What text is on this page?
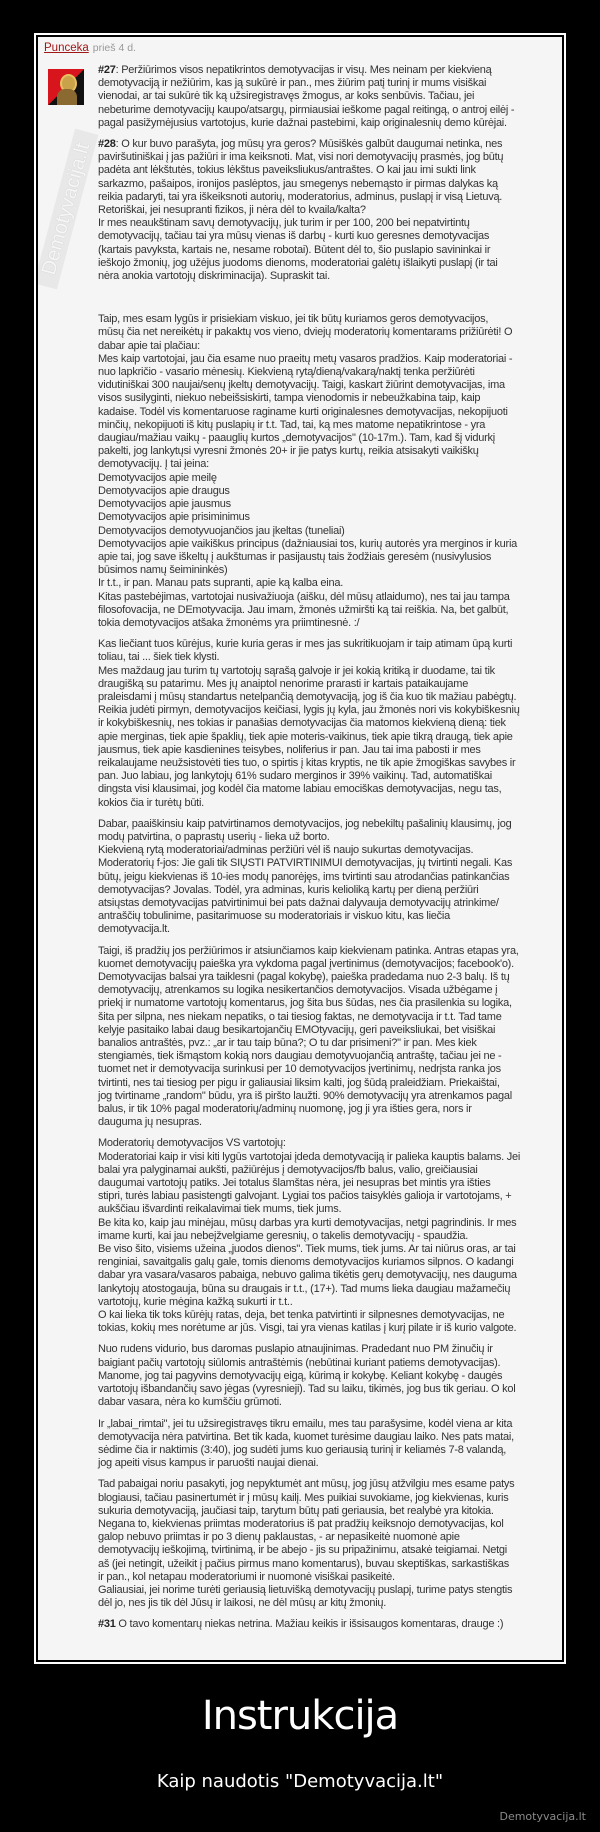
Punceka prieš 4 d.
Demotyvacija.lt
#27: Peržiūrimos visos nepatikrintos demotyvacijas ir visų. Mes neinam per kiekvieną
demotyvaciją ir nežiūrim, kas ją sukūrė ir pan., mes žiūrim patį turinį ir mums visiškai
vienodai, ar tai sukūrė tik ką užsiregistravęs žmogus, ar koks senbūvis. Tačiau, jei
nebeturime demotyvacijų kaupo/atsargų, pirmiausiai ieškome pagal reitingą, o antroj eilėj -
pagal pasižymėjusius vartotojus, kurie dažnai pastebimi, kaip originalesnių demo kūrėjai.
#28: O kur buvo parašyta, jog mūsų yra geros? Mūsiškės galbūt daugumai netinka, nes
paviršutiniškai į jas pažiūri ir ima keiksnoti. Mat, visi nori demotyvacijų prasmės, jog būtų
padėta ant lėkštutės, tokius lėkštus paveiksliukus/antraštes. O kai jau imi sukti link
sarkazmo, pašaipos, ironijos paslėptos, jau smegenys nebemąsto ir pirmas dalykas ką
reikia padaryti, tai yra iškeiksnoti autorių, moderatorius, adminus, puslapį ir visą Lietuvą.
Retoriškai, jei nesupranti fizikos, ji nėra dėl to kvaila/kalta?
Ir mes neaukštinam savų demotyvacijų, juk turim ir per 100, 200 bei nepatvirtintų
demotyvacijų, tačiau tai yra mūsų vienas iš darbų - kurti kuo geresnes demotyvacijas
(kartais pavyksta, kartais ne, nesame robotai). Būtent dėl to, šio puslapio savininkai ir
ieškojo žmonių, jog užėjus juodoms dienoms, moderatoriai galėtų išlaikyti puslapį (ir tai
nėra anokia vartotojų diskriminacija). Supraskit tai.
Taip, mes esam lygūs ir prisiekiam viskuo, jei tik būtų kuriamos geros demotyvacijos,
mūsų čia net nereikėtų ir pakaktų vos vieno, dviejų moderatorių komentarams prižiūrėti! O
dabar apie tai plačiau:
Mes kaip vartotojai, jau čia esame nuo praeitų metų vasaros pradžios. Kaip moderatoriai -
nuo lapkričio - vasario mėnesių. Kiekvieną rytą/dieną/vakarą/naktį tenka peržiūrėti
vidutiniškai 300 naujai/senų įkeltų demotyvacijų. Taigi, kaskart žiūrint demotyvacijas, ima
visos susilyginti, niekuo nebeišsiskirti, tampa vienodomis ir nebeužkabina taip, kaip
kadaise. Todėl vis komentaruose raginame kurti originalesnes demotyvacijas, nekopijuoti
minčių, nekopijuoti iš kitų puslapių ir t.t. Tad, tai, ką mes matome nepatikrintose - yra
daugiau/mažiau vaikų - paauglių kurtos „demotyvacijos" (10-17m.). Tam, kad šį vidurkį
pakelti, jog lankytųsi vyresni žmonės 20+ ir jie patys kurtų, reikia atsisakyti vaikiškų
demotyvacijų. Į tai įeina:
Demotyvacijos apie meilę
Demotyvacijos apie draugus
Demotyvacijos apie jausmus
Demotyvacijos apie prisiminimus
Demotyvacijos demotyvuojančios jau įkeltas (tuneliai)
Demotyvacijos apie vaikiškus principus (dažniausiai tos, kurių autorės yra merginos ir kuria
apie tai, jog save iškeltų į aukštumas ir pasijaustų tais žodžiais geresėm (nusivylusios
būsimos namų šeimininkės)
Ir t.t., ir pan. Manau pats supranti, apie ką kalba eina.
Kitas pastebėjimas, vartotojai nusivažiuoja (aišku, dėl mūsų atlaidumo), nes tai jau tampa
filosofovacija, ne DEmotyvacija. Jau imam, žmonės užmiršti ką tai reiškia. Na, bet galbūt,
tokia demotyvacijos atšaka žmonėms yra priimtinesnė. :/
Kas liečiant tuos kūrėjus, kurie kuria geras ir mes jas sukritikuojam ir taip atimam ūpą kurti
toliau, tai ... šiek tiek klysti.
Mes maždaug jau turim tų vartotojų sąrašą galvoje ir jei kokią kritiką ir duodame, tai tik
draugišką su patarimu. Mes jų anaiptol nenorime prarasti ir kartais pataikaujame
praleisdami į mūsų standartus netelpančią demotyvaciją, jog iš čia kuo tik mažiau pabėgtų.
Reikia judėti pirmyn, demotyvacijos keičiasi, lygis jų kyla, jau žmonės nori vis kokybiškesnių
ir kokybiškesnių, nes tokias ir panašias demotyvacijas čia matomos kiekvieną dieną: tiek
apie merginas, tiek apie špaklių, tiek apie moteris-vaikinus, tiek apie tikrą draugą, tiek apie
jausmus, tiek apie kasdienines teisybes, noliferius ir pan. Jau tai ima pabosti ir mes
reikalaujame neužsistovėti ties tuo, o spirtis į kitas kryptis, ne tik apie žmogiškas savybes ir
pan. Juo labiau, jog lankytojų 61% sudaro merginos ir 39% vaikinų. Tad, automatiškai
dingsta visi klausimai, jog kodėl čia matome labiau emociškas demotyvacijas, negu tas,
kokios čia ir turėtų būti.
Dabar, paaiškinsiu kaip patvirtinamos demotyvacijos, jog nebekiltų pašalinių klausimų, jog
modų patvirtina, o paprastų userių - lieka už borto.
Kiekvieną rytą moderatoriai/adminas peržiūri vėl iš naujo sukurtas demotyvacijas.
Moderatorių f-jos: Jie gali tik SIŲSTI PATVIRTINIMUI demotyvacijas, jų tvirtinti negali. Kas
būtų, jeigu kiekvienas iš 10-ies modų panorėjęs, ims tvirtinti sau atrodančias patinkančias
demotyvacijas? Jovalas. Todėl, yra adminas, kuris kelioliką kartų per dieną peržiūri
atsiųstas demotyvacijas patvirtinimui bei pats dažnai dalyvauja demotyvacijų atrinkime/
antraščių tobulinime, pasitarimuose su moderatoriais ir viskuo kitu, kas liečia
demotyvacija.lt.
Taigi, iš pradžių jos peržiūrimos ir atsiunčiamos kaip kiekvienam patinka. Antras etapas yra,
kuomet demotyvacijų paieška yra vykdoma pagal įvertinimus (demotyvacijos; facebook'o).
Demotyvacijas balsai yra taiklesni (pagal kokybę), paieška pradedama nuo 2-3 balų. Iš tų
demotyvacijų, atrenkamos su logika nesikertančios demotyvacijos. Visada užbėgame į
priekį ir numatome vartotojų komentarus, jog šita bus šūdas, nes čia prasilenkia su logika,
šita per silpna, nes niekam nepatiks, o tai tiesiog faktas, ne demotyvacija ir t.t. Tad tame
kelyje pasitaiko labai daug besikartojančių EMOtyvacijų, geri paveiksliukai, bet visiškai
banalios antraštės, pvz.: „ar ir tau taip būna?; O tu dar prisimeni?" ir pan. Mes kiek
stengiamės, tiek išmąstom kokią nors daugiau demotyvuojančią antraštę, tačiau jei ne -
tuomet net ir demotyvacija surinkusi per 10 demotyvacijos įvertinimų, nedrįsta ranka jos
tvirtinti, nes tai tiesiog per pigu ir galiausiai liksim kalti, jog šūdą praleidžiam. Priekaištai,
jog tvirtiname „random" būdu, yra iš piršto laužti. 90% demotyvacijų yra atrenkamos pagal
balus, ir tik 10% pagal moderatorių/adminų nuomonę, jog ji yra išties gera, nors ir
dauguma jų nesupras.
Moderatorių demotyvacijos VS vartotojų:
Moderatoriai kaip ir visi kiti lygūs vartotojai įdeda demotyvaciją ir palieka kauptis balams. Jei
balai yra palyginamai aukšti, pažiūrėjus į demotyvacijos/fb balus, valio, greičiausiai
daugumai vartotojų patiks. Jei totalus šlamštas nėra, jei nesupras bet mintis yra išties
stipri, turės labiau pasistengti galvojant. Lygiai tos pačios taisyklės galioja ir vartotojams, +
aukščiau išvardinti reikalavimai tiek mums, tiek jums.
Be kita ko, kaip jau minėjau, mūsų darbas yra kurti demotyvacijas, netgi pagrindinis. Ir mes
imame kurti, kai jau nebeįžvelgiame geresnių, o takelis demotyvacijų - spaudžia.
Be viso šito, visiems užeina „juodos dienos". Tiek mums, tiek jums. Ar tai niūrus oras, ar tai
renginiai, savaitgalis galų gale, tomis dienoms demotyvacijos kuriamos silpnos. O kadangi
dabar yra vasara/vasaros pabaiga, nebuvo galima tikėtis gerų demotyvacijų, nes dauguma
lankytojų atostogauja, būna su draugais ir t.t., (17+). Tad mums lieka daugiau mažamečių
vartotojų, kurie mėgina kažką sukurti ir t.t..
O kai lieka tik toks kūrėjų ratas, deja, bet tenka patvirtinti ir silpnesnes demotyvacijas, ne
tokias, kokių mes norėtume ar jūs. Visgi, tai yra vienas katilas į kurį pilate ir iš kurio valgote.
Nuo rudens vidurio, bus daromas puslapio atnaujinimas. Pradedant nuo PM žinučių ir
baigiant pačių vartotojų siūlomis antraštėmis (nebūtinai kuriant patiems demotyvacijas).
Manome, jog tai pagyvins demotyvacijų eigą, kūrimą ir kokybę. Keliant kokybę - daugės
vartotojų išbandančių savo jėgas (vyresnieji). Tad su laiku, tikimės, jog bus tik geriau. O kol
dabar vasara, nėra ko kumščiu grūmoti.
Ir „labai_rimtai", jei tu užsiregistravęs tikru emailu, mes tau parašysime, kodėl viena ar kita
demotyvacija nėra patvirtina. Bet tik kada, kuomet turėsime daugiau laiko. Nes pats matai,
sėdime čia ir naktimis (3:40), jog sudėti jums kuo geriausią turinį ir keliamės 7-8 valandą,
jog apeiti visus kampus ir paruošti naujai dienai.
Tad pabaigai noriu pasakyti, jog nepyktumėt ant mūsų, jog jūsų atžvilgiu mes esame patys
blogiausi, tačiau pasinertumėt ir į mūsų kailį. Mes puikiai suvokiame, jog kiekvienas, kuris
sukuria demotyvaciją, jaučiasi taip, tarytum būtų pati geriausia, bet realybė yra kitokia.
Negana to, kiekvienas priimtas moderatorius iš pat pradžių keiksnojo demotyvacijas, kol
galop nebuvo priimtas ir po 3 dienų paklaustas, - ar nepasikeitė nuomonė apie
demotyvacijų ieškojimą, tvirtinimą, ir be abejo - jis su pripažinimu, atsakė teigiamai. Netgi
aš (jei netingit, užeikit į pačius pirmus mano komentarus), buvau skeptiškas, sarkastiškas
ir pan., kol netapau moderatoriumi ir nuomonė visiškai pasikeitė.
Galiausiai, jei norime turėti geriausią lietuvišką demotyvacijų puslapį, turime patys stengtis
dėl jo, nes jis tik dėl Jūsų ir laikosi, ne dėl mūsų ar kitų žmonių.
#31 O tavo komentarų niekas netrina. Mažiau keikis ir išsisaugos komentaras, drauge :)
Instrukcija
Kaip naudotis "Demotyvacija.lt"
Demotyvacija.lt
